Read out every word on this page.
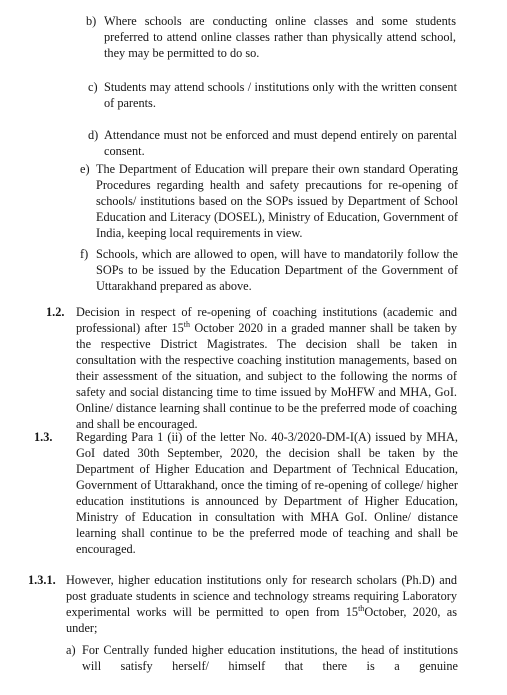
b) Where schools are conducting online classes and some students preferred to attend online classes rather than physically attend school, they may be permitted to do so.
c) Students may attend schools / institutions only with the written consent of parents.
d) Attendance must not be enforced and must depend entirely on parental consent.
e) The Department of Education will prepare their own standard Operating Procedures regarding health and safety precautions for re-opening of schools/ institutions based on the SOPs issued by Department of School Education and Literacy (DOSEL), Ministry of Education, Government of India, keeping local requirements in view.
f) Schools, which are allowed to open, will have to mandatorily follow the SOPs to be issued by the Education Department of the Government of Uttarakhand prepared as above.
1.2. Decision in respect of re-opening of coaching institutions (academic and professional) after 15th October 2020 in a graded manner shall be taken by the respective District Magistrates. The decision shall be taken in consultation with the respective coaching institution managements, based on their assessment of the situation, and subject to the following the norms of safety and social distancing time to time issued by MoHFW and MHA, GoI. Online/ distance learning shall continue to be the preferred mode of coaching and shall be encouraged.
1.3. Regarding Para 1 (ii) of the letter No. 40-3/2020-DM-I(A) issued by MHA, GoI dated 30th September, 2020, the decision shall be taken by the Department of Higher Education and Department of Technical Education, Government of Uttarakhand, once the timing of re-opening of college/ higher education institutions is announced by Department of Higher Education, Ministry of Education in consultation with MHA GoI. Online/ distance learning shall continue to be the preferred mode of teaching and shall be encouraged.
1.3.1. However, higher education institutions only for research scholars (Ph.D) and post graduate students in science and technology streams requiring Laboratory experimental works will be permitted to open from 15thOctober, 2020, as under;
a) For Centrally funded higher education institutions, the head of institutions will satisfy herself/ himself that there is a genuine
